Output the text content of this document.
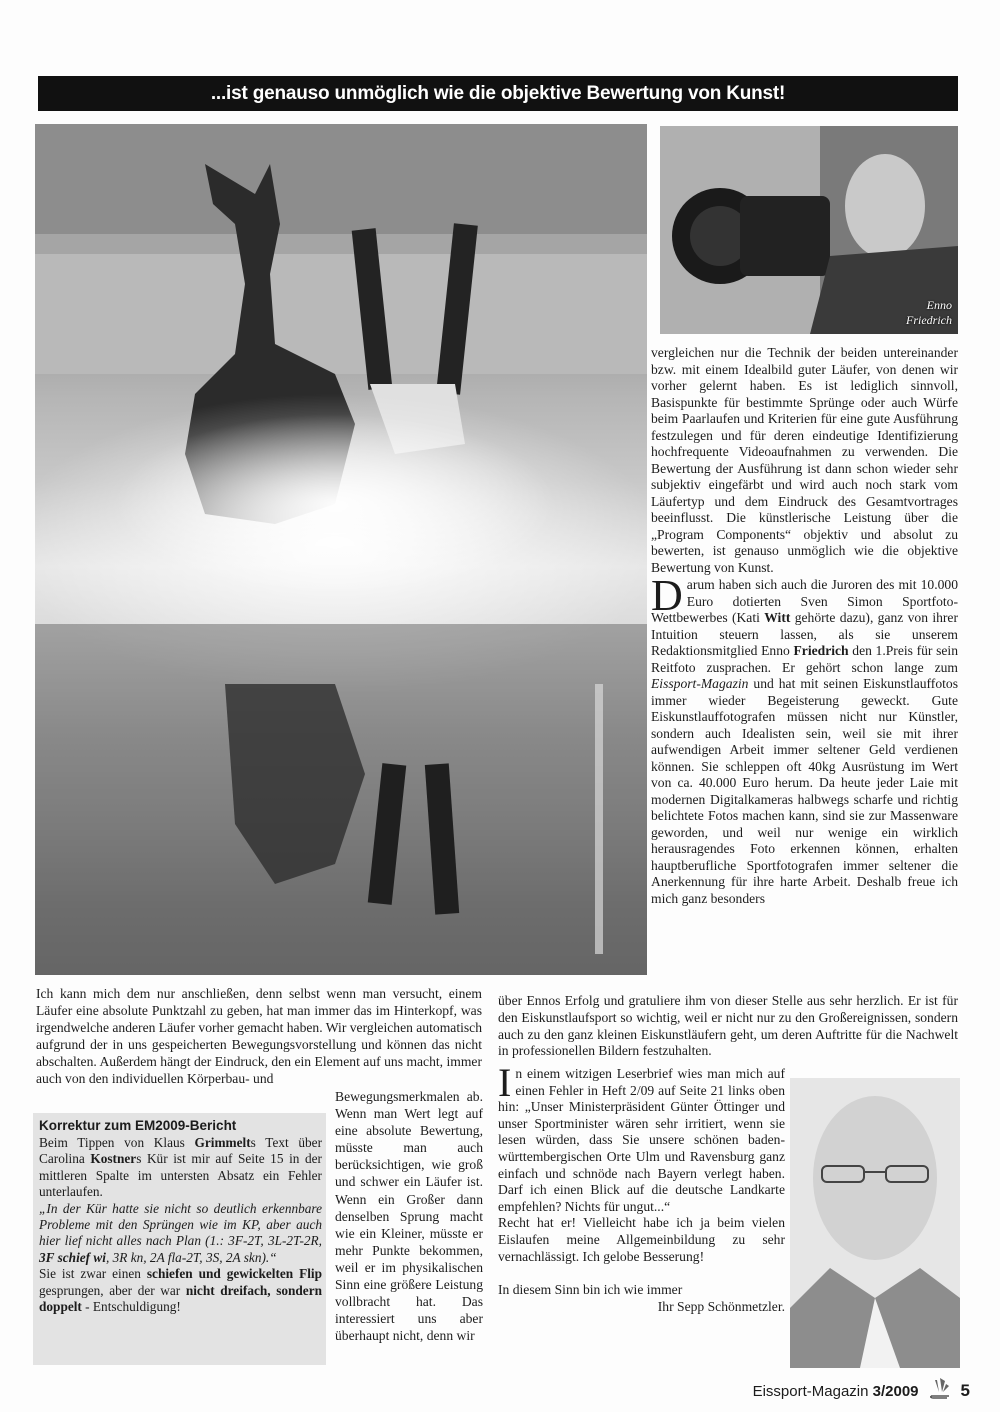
...ist genauso unmöglich wie die objektive Bewertung von Kunst!
Enno
Friedrich

vergleichen nur die Technik der beiden untereinander bzw. mit einem Idealbild guter Läufer, von denen wir vorher gelernt haben. Es ist lediglich sinnvoll, Basispunkte für bestimmte Sprünge oder auch Würfe beim Paarlaufen und Kriterien für eine gute Ausführung festzulegen und für deren eindeutige Identifizierung hochfrequente Videoaufnahmen zu verwenden. Die Bewertung der Ausführung ist dann schon wieder sehr subjektiv eingefärbt und wird auch noch stark vom Läufertyp und dem Eindruck des Gesamtvortrages beeinflusst. Die künstlerische Leistung über die „Program Components“ objektiv und absolut zu bewerten, ist genauso unmöglich wie die objektive Bewertung von Kunst.

Darum haben sich auch die Juroren des mit 10.000 Euro dotierten Sven Simon Sportfoto-Wettbewerbes (Kati Witt gehörte dazu), ganz von ihrer Intuition steuern lassen, als sie unserem Redaktionsmitglied Enno Friedrich den 1.Preis für sein Reitfoto zusprachen. Er gehört schon lange zum Eissport-Magazin und hat mit seinen Eiskunstlauffotos immer wieder Begeisterung geweckt. Gute Eiskunstlauffotografen müssen nicht nur Künstler, sondern auch Idealisten sein, weil sie mit ihrer aufwendigen Arbeit immer seltener Geld verdienen können. Sie schleppen oft 40kg Ausrüstung im Wert von ca. 40.000 Euro herum. Da heute jeder Laie mit modernen Digitalkameras halbwegs scharfe und richtig belichtete Fotos machen kann, sind sie zur Massenware geworden, und weil nur wenige ein wirklich herausragendes Foto erkennen können, erhalten hauptberufliche Sportfotografen immer seltener die Anerkennung für ihre harte Arbeit. Deshalb freue ich mich ganz besonders

über Ennos Erfolg und gratuliere ihm von dieser Stelle aus sehr herzlich. Er ist für den Eiskunstlaufsport so wichtig, weil er nicht nur zu den Großereignissen, sondern auch zu den ganz kleinen Eiskunstläufern geht, um deren Auftritte für die Nachwelt in professionellen Bildern festzuhalten.

In einem witzigen Leserbrief wies man mich auf einen Fehler in Heft 2/09 auf Seite 21 links oben hin: „Unser Ministerpräsident Günter Öttinger und unser Sportminister wären sehr irritiert, wenn sie lesen würden, dass Sie unsere schönen baden-württembergischen Orte Ulm und Ravensburg ganz einfach und schnöde nach Bayern verlegt haben. Darf ich einen Blick auf die deutsche Landkarte empfehlen? Nichts für ungut...“

Recht hat er! Vielleicht habe ich ja beim vielen Eislaufen meine Allgemeinbildung zu sehr vernachlässigt. Ich gelobe Besserung!

In diesem Sinn bin ich wie immer

Ihr Sepp Schönmetzler.

Ich kann mich dem nur anschließen, denn selbst wenn man versucht, einem Läufer eine absolute Punktzahl zu geben, hat man immer das im Hinterkopf, was irgendwelche anderen Läufer vorher gemacht haben. Wir vergleichen automatisch aufgrund der in uns gespeicherten Bewegungsvorstellung und können das nicht abschalten. Außerdem hängt der Eindruck, den ein Element auf uns macht, immer auch von den individuellen Körperbau- und

Bewegungsmerkmalen ab. Wenn man Wert legt auf eine absolute Bewertung, müsste man auch berücksichtigen, wie groß und schwer ein Läufer ist. Wenn ein Großer dann denselben Sprung macht wie ein Kleiner, müsste er mehr Punkte bekommen, weil er im physikalischen Sinn eine größere Leistung vollbracht hat. Das interessiert uns aber überhaupt nicht, denn wir

Korrektur zum EM2009-Bericht

Beim Tippen von Klaus Grimmelts Text über Carolina Kostners Kür ist mir auf Seite 15 in der mittleren Spalte im untersten Absatz ein Fehler unterlaufen.

„In der Kür hatte sie nicht so deutlich erkennbare Probleme mit den Sprüngen wie im KP, aber auch hier lief nicht alles nach Plan (1.: 3F-2T, 3L-2T-2R, 3F schief wi, 3R kn, 2A fla-2T, 3S, 2A skn).“

Sie ist zwar einen schiefen und gewickelten Flip gesprungen, aber der war nicht dreifach, sondern doppelt - Entschuldigung!

Eissport-Magazin 3/2009 5
